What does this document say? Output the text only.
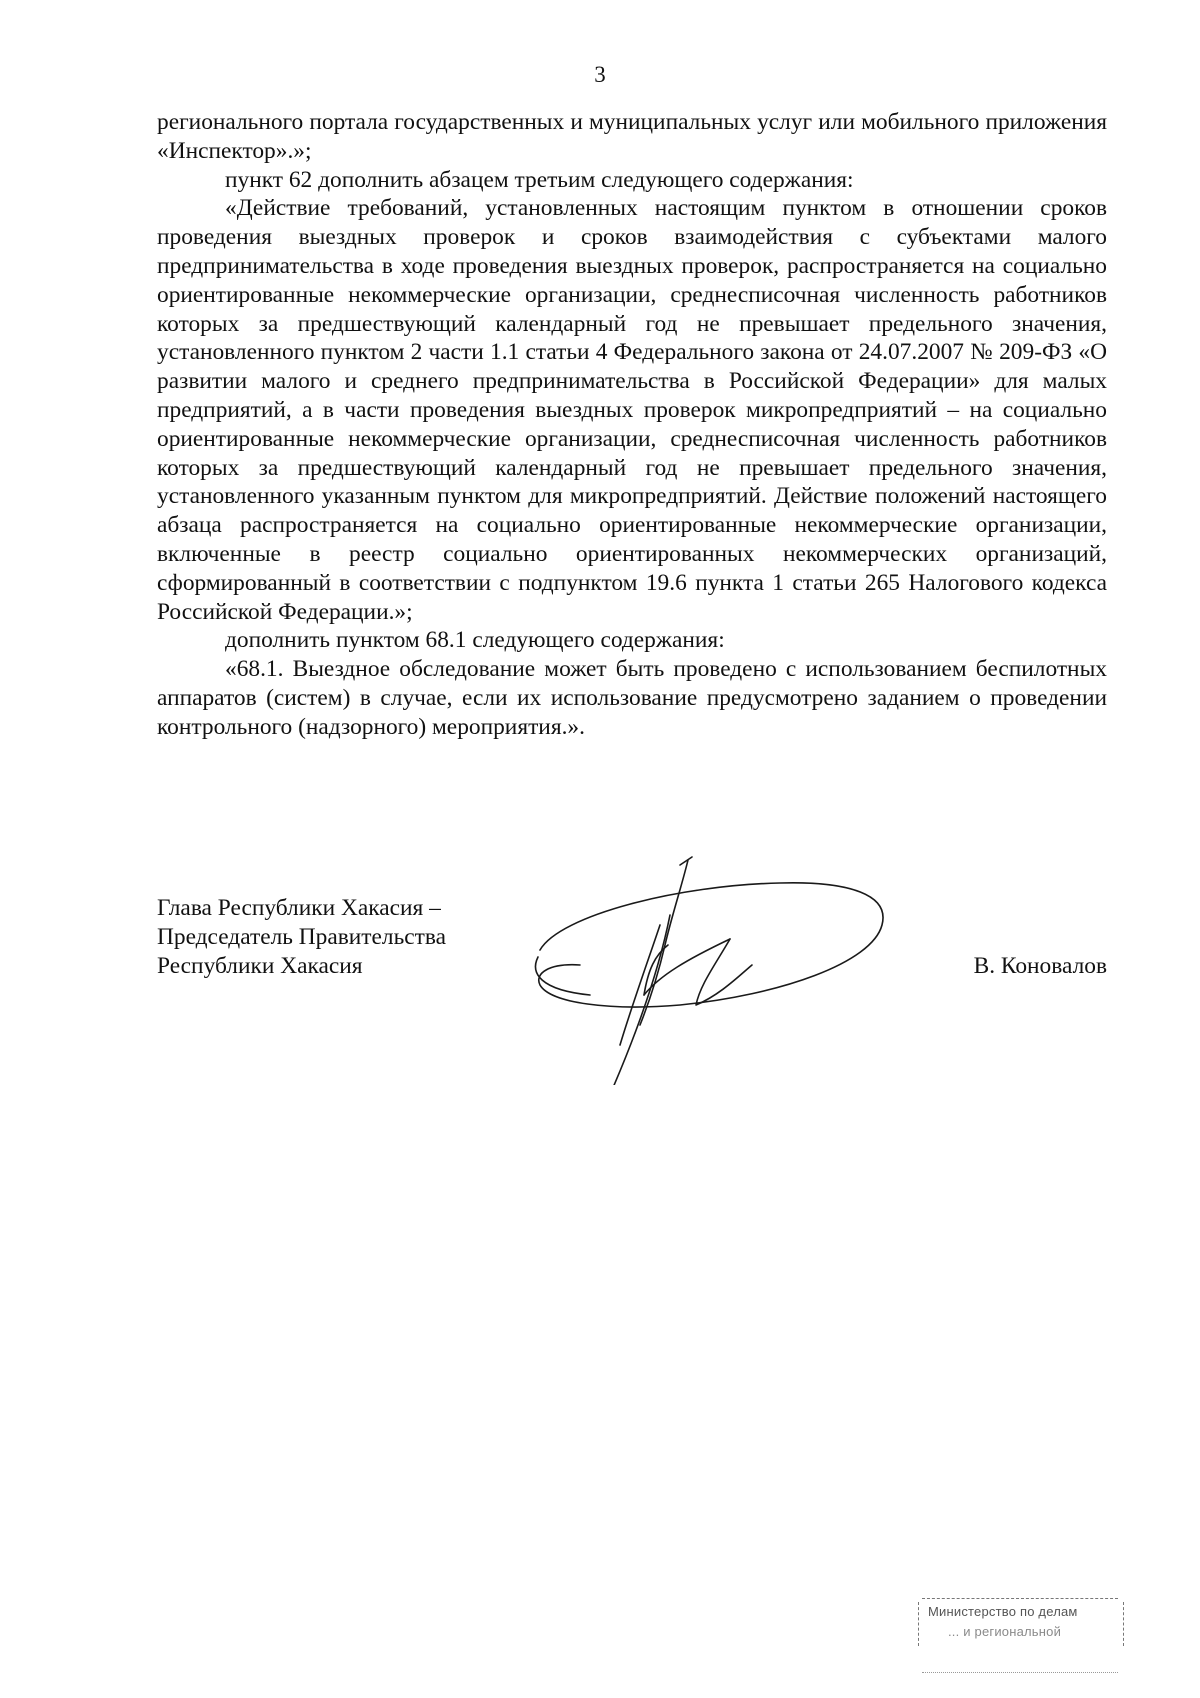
3

регионального портала государственных и муниципальных услуг или мобильного приложения «Инспектор».»;

пункт 62 дополнить абзацем третьим следующего содержания:

«Действие требований, установленных настоящим пунктом в отношении сроков проведения выездных проверок и сроков взаимодействия с субъектами малого предпринимательства в ходе проведения выездных проверок, распространяется на социально ориентированные некоммерческие организации, среднесписочная численность работников которых за предшествующий календарный год не превышает предельного значения, установленного пунктом 2 части 1.1 статьи 4 Федерального закона от 24.07.2007 № 209-ФЗ «О развитии малого и среднего предпринимательства в Российской Федерации» для малых предприятий, а в части проведения выездных проверок микропредприятий – на социально ориентированные некоммерческие организации, среднесписочная численность работников которых за предшествующий календарный год не превышает предельного значения, установленного указанным пунктом для микропредприятий. Действие положений настоящего абзаца распространяется на социально ориентированные некоммерческие организации, включенные в реестр социально ориентированных некоммерческих организаций, сформированный в соответствии с подпунктом 19.6 пункта 1 статьи 265 Налогового кодекса Российской Федерации.»;

дополнить пунктом 68.1 следующего содержания:

«68.1. Выездное обследование может быть проведено с использованием беспилотных аппаратов (систем) в случае, если их использование предусмотрено заданием о проведении контрольного (надзорного) мероприятия.».

Глава Республики Хакасия –
Председатель Правительства
Республики Хакасия	В. Коновалов
Министерство по делам
... и региональной
